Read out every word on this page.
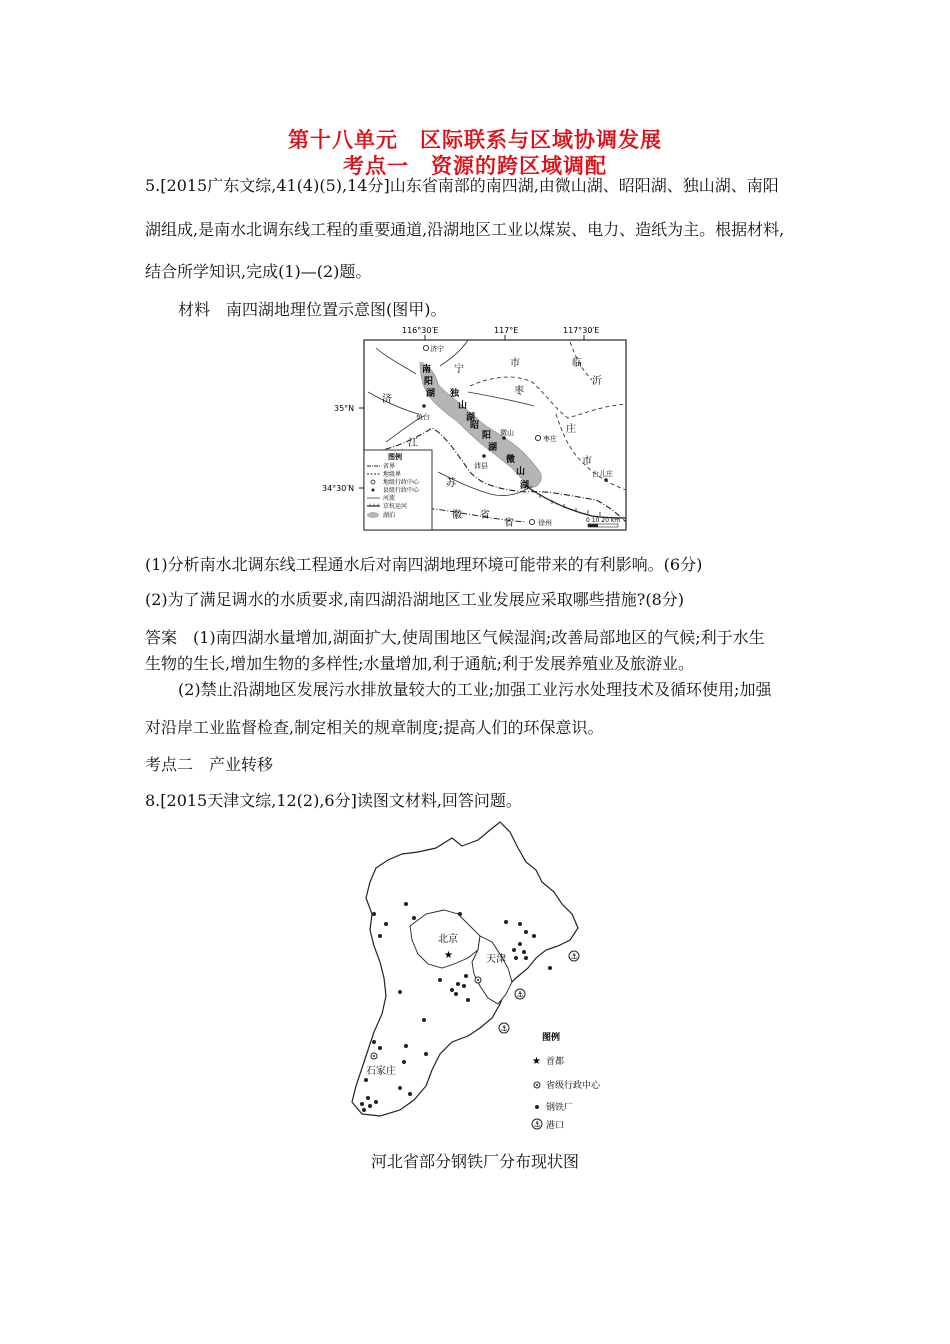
第十八单元　区际联系与区域协调发展
考点一　资源的跨区域调配
5.[2015广东文综,41(4)(5),14分]山东省南部的南四湖,由微山湖、昭阳湖、独山湖、南阳
湖组成,是南水北调东线工程的重要通道,沿湖地区工业以煤炭、电力、造纸为主。根据材料,
结合所学知识,完成(1)—(2)题。
材料　南四湖地理位置示意图(图甲)。
116°30′E	117°E	117°30′E
35°N
34°30′N
济宁
鱼台
微山
沛县
枣庄
台儿庄
徐州
宁
济
江
苏
徽 省
省
市
枣
庄
市
临
沂
南
阳
湖 独
山
湖
昭
阳
湖
微
山
湖
图例
省界
地级界
地级行政中心
县级行政中心
河流
京杭运河
湖泊
0 10 20 km
(1)分析南水北调东线工程通水后对南四湖地理环境可能带来的有利影响。(6分)
(2)为了满足调水的水质要求,南四湖沿湖地区工业发展应采取哪些措施?(8分)
答案　(1)南四湖水量增加,湖面扩大,使周围地区气候湿润;改善局部地区的气候;利于水生
生物的生长,增加生物的多样性;水量增加,利于通航;利于发展养殖业及旅游业。
(2)禁止沿湖地区发展污水排放量较大的工业;加强工业污水处理技术及循环使用;加强
对沿岸工业监督检查,制定相关的规章制度;提高人们的环保意识。
考点二　产业转移
8.[2015天津文综,12(2),6分]读图文材料,回答问题。
北京
★	天津
石家庄
⚓
⚓
⚓
图例
★ 首都
省级行政中心
钢铁厂
⚓ 港口
河北省部分钢铁厂分布现状图
